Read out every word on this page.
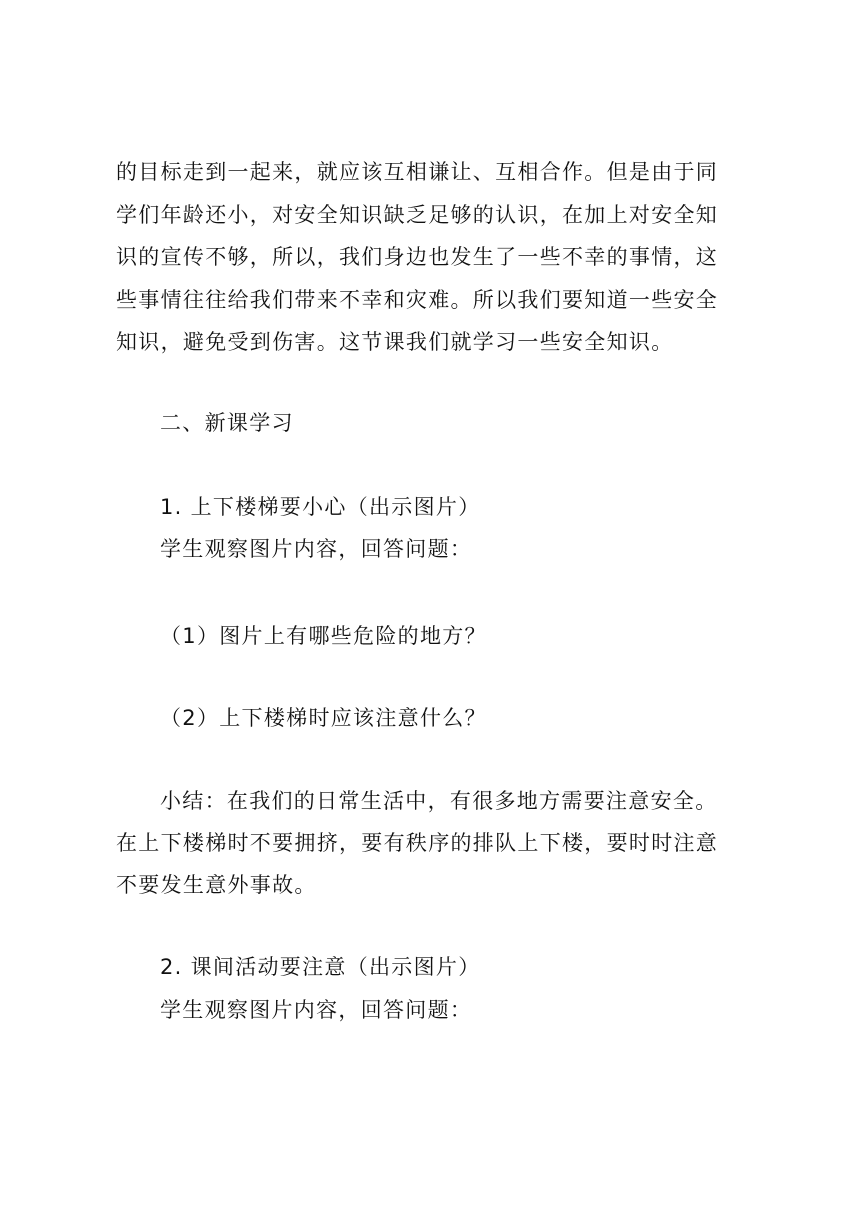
的目标走到一起来，就应该互相谦让、互相合作。但是由于同
学们年龄还小，对安全知识缺乏足够的认识，在加上对安全知
识的宣传不够，所以，我们身边也发生了一些不幸的事情，这
些事情往往给我们带来不幸和灾难。所以我们要知道一些安全
知识，避免受到伤害。这节课我们就学习一些安全知识。
二、新课学习
1. 上下楼梯要小心（出示图片）
学生观察图片内容，回答问题：
（1）图片上有哪些危险的地方？
（2）上下楼梯时应该注意什么？
小结：在我们的日常生活中，有很多地方需要注意安全。
在上下楼梯时不要拥挤，要有秩序的排队上下楼，要时时注意
不要发生意外事故。
2. 课间活动要注意（出示图片）
学生观察图片内容，回答问题：
